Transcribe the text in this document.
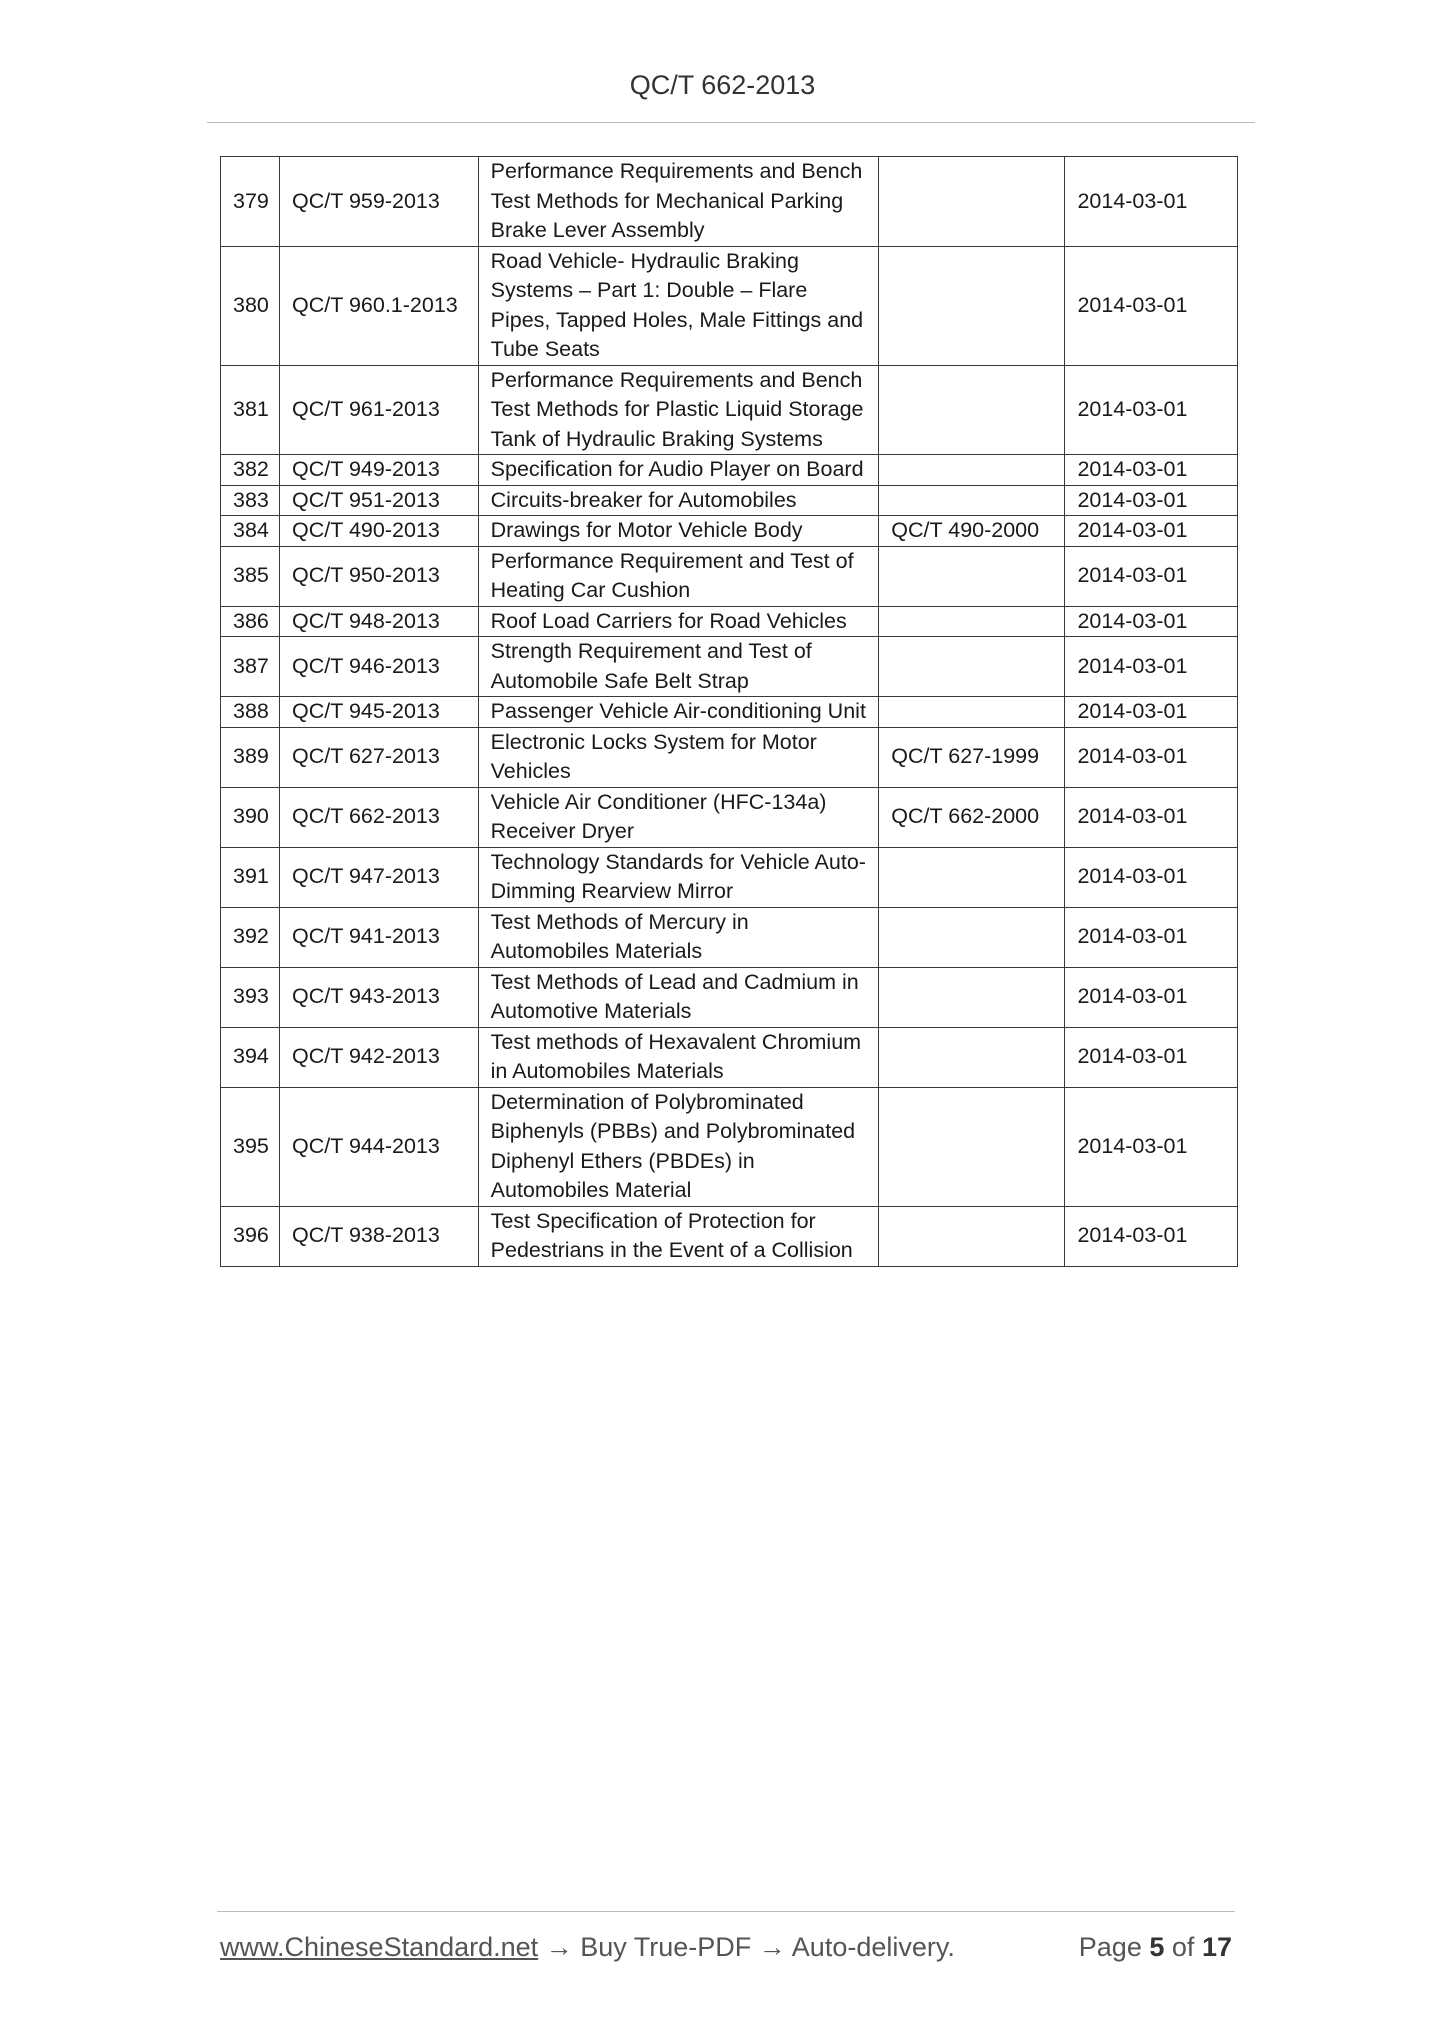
QC/T 662-2013
379	QC/T 959-2013	Performance Requirements and Bench Test Methods for Mechanical Parking Brake Lever Assembly		2014-03-01
380	QC/T 960.1-2013	Road Vehicle- Hydraulic Braking Systems – Part 1: Double – Flare Pipes, Tapped Holes, Male Fittings and Tube Seats		2014-03-01
381	QC/T 961-2013	Performance Requirements and Bench Test Methods for Plastic Liquid Storage Tank of Hydraulic Braking Systems		2014-03-01
382	QC/T 949-2013	Specification for Audio Player on Board		2014-03-01
383	QC/T 951-2013	Circuits-breaker for Automobiles		2014-03-01
384	QC/T 490-2013	Drawings for Motor Vehicle Body	QC/T 490-2000	2014-03-01
385	QC/T 950-2013	Performance Requirement and Test of Heating Car Cushion		2014-03-01
386	QC/T 948-2013	Roof Load Carriers for Road Vehicles		2014-03-01
387	QC/T 946-2013	Strength Requirement and Test of Automobile Safe Belt Strap		2014-03-01
388	QC/T 945-2013	Passenger Vehicle Air-conditioning Unit		2014-03-01
389	QC/T 627-2013	Electronic Locks System for Motor Vehicles	QC/T 627-1999	2014-03-01
390	QC/T 662-2013	Vehicle Air Conditioner (HFC-134a) Receiver Dryer	QC/T 662-2000	2014-03-01
391	QC/T 947-2013	Technology Standards for Vehicle Auto-Dimming Rearview Mirror		2014-03-01
392	QC/T 941-2013	Test Methods of Mercury in Automobiles Materials		2014-03-01
393	QC/T 943-2013	Test Methods of Lead and Cadmium in Automotive Materials		2014-03-01
394	QC/T 942-2013	Test methods of Hexavalent Chromium in Automobiles Materials		2014-03-01
395	QC/T 944-2013	Determination of Polybrominated Biphenyls (PBBs) and Polybrominated Diphenyl Ethers (PBDEs) in Automobiles Material		2014-03-01
396	QC/T 938-2013	Test Specification of Protection for Pedestrians in the Event of a Collision		2014-03-01
www.ChineseStandard.net → Buy True-PDF → Auto-delivery.	Page 5 of 17
